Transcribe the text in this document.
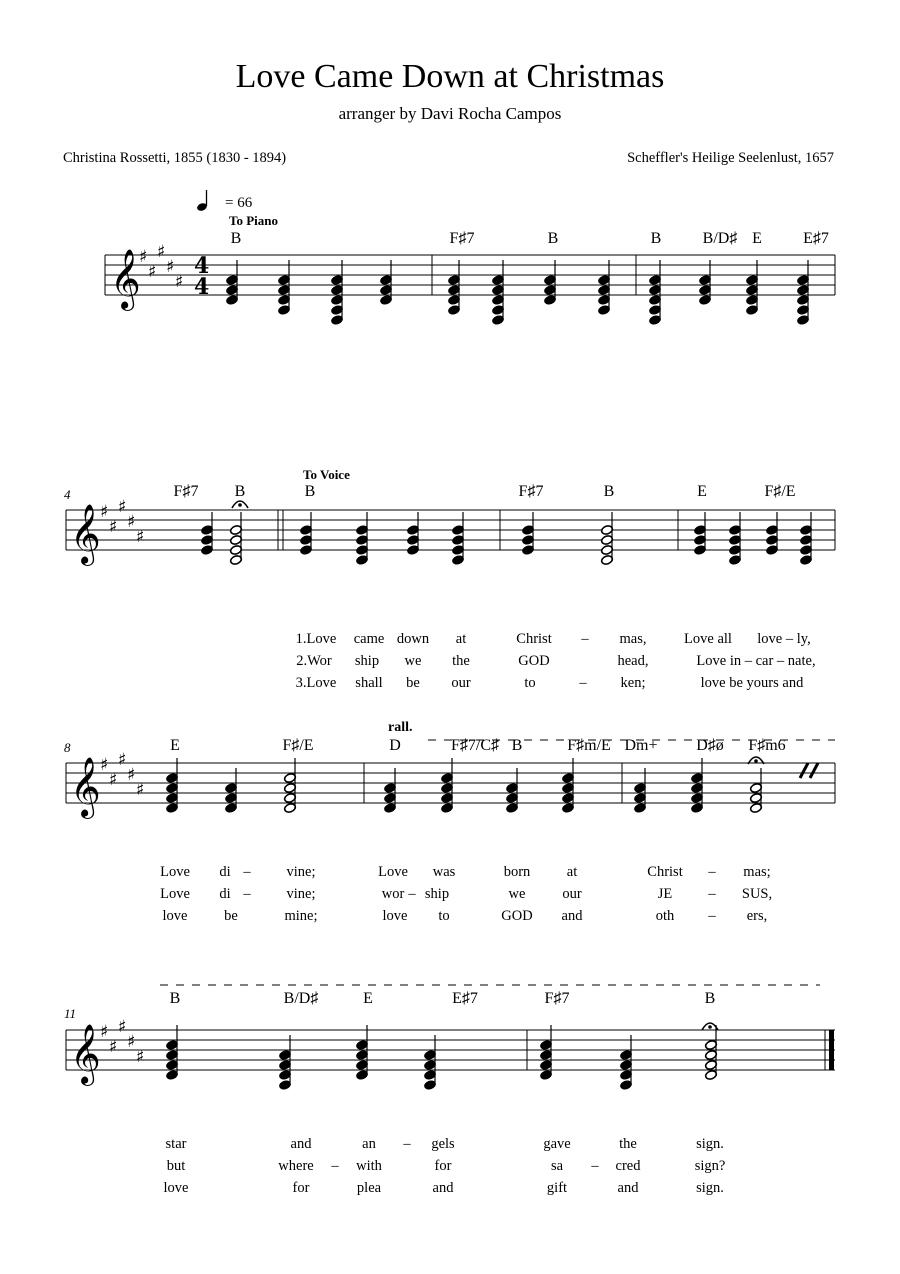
Love Came Down at Christmas
arranger by Davi Rocha Campos
Christina Rossetti, 1855 (1830 - 1894)	Scheffler's Heilige Seelenlust, 1657
= 66
𝄞
𝄞
𝄞
𝄞
♯
♯
♯
♯
♯
♯
♯
♯
♯
♯
♯
♯
♯
♯
♯
♯
♯
♯
♯
♯
4
4
To Piano
To Voice
rall.
4
8
11
B	F♯7	B	B	B/D♯ E	E♯7
F♯7 B	B	F♯7	B	E	F♯/E
E	F♯/E	D	F♯7/C♯ B	F♯m/E Dm+ D♯ø F♯m6
B	B/D♯	E	E♯7	F♯7	B
1.Love came down at	Christ – mas,	Love all love – ly,
2.Wor ship we the	GOD	head,	Love in – car – nate,
3.Love shall be our	to	– ken;	love be yours and
Love di – vine;	Love was	born	at	Christ – mas;
Love di – vine;	wor – ship	we	our	JE – SUS,
love	be	mine;	love to	GOD and	oth – ers,
star	and	an – gels	gave	the	sign.
but	where – with	for	sa – cred	sign?
love	for	plea	and	gift	and	sign.
